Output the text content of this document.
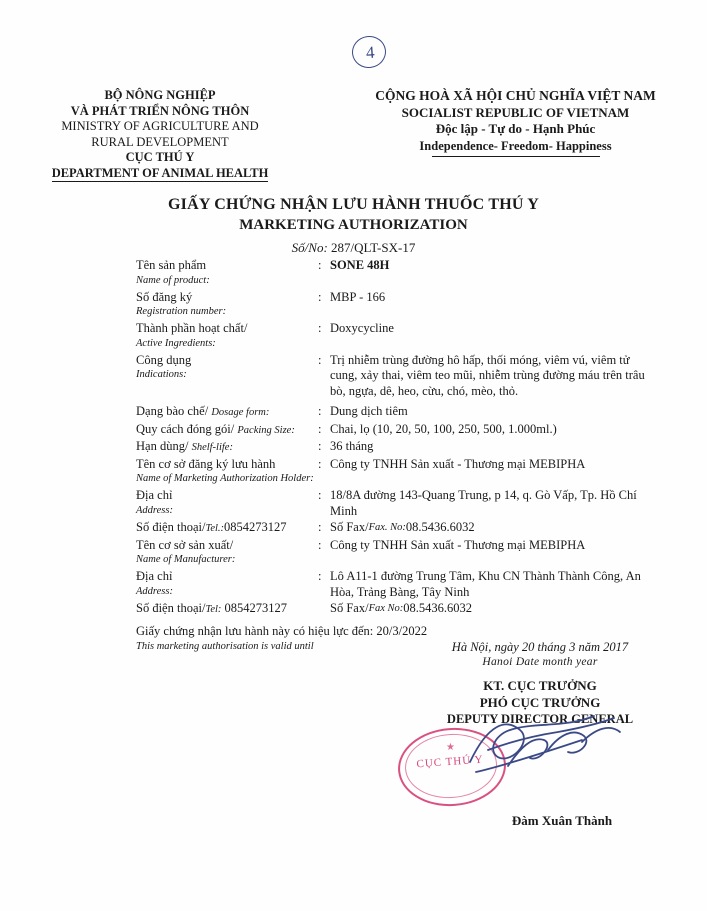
4
BỘ NÔNG NGHIỆP
VÀ PHÁT TRIỂN NÔNG THÔN
MINISTRY OF AGRICULTURE AND
RURAL DEVELOPMENT
CỤC THÚ Y
DEPARTMENT OF ANIMAL HEALTH
CỘNG HOÀ XÃ HỘI CHỦ NGHĨA VIỆT NAM
SOCIALIST REPUBLIC OF VIETNAM
Độc lập - Tự do - Hạnh Phúc
Independence- Freedom- Happiness
GIẤY CHỨNG NHẬN LƯU HÀNH THUỐC THÚ Y
MARKETING AUTHORIZATION
Số/No: 287/QLT-SX-17
Tên sản phẩm
Name of product:
: SONE 48H
Số đăng ký
Registration number:
: MBP - 166
Thành phần hoạt chất/
Active Ingredients:
: Doxycycline
Công dụng
Indications:
: Trị nhiễm trùng đường hô hấp, thối móng, viêm vú, viêm tử cung, xảy thai, viêm teo mũi, nhiễm trùng đường máu trên trâu bò, ngựa, dê, heo, cừu, chó, mèo, thỏ.
Dạng bào chế/ Dosage form:	: Dung dịch tiêm
Quy cách đóng gói/ Packing Size:	: Chai, lọ (10, 20, 50, 100, 250, 500, 1.000ml.)
Hạn dùng/ Shelf-life:	: 36 tháng
Tên cơ sở đăng ký lưu hành
Name of Marketing Authorization Holder:
: Công ty TNHH Sản xuất - Thương mại MEBIPHA
Địa chỉ
Address:
: 18/8A đường 143-Quang Trung, p 14, q. Gò Vấp, Tp. Hồ Chí Minh
Số điện thoại/Tel.:0854273127	: Số Fax/ Fax. No: 08.5436.6032
Tên cơ sở sản xuất/
Name of Manufacturer:
: Công ty TNHH Sản xuất - Thương mại MEBIPHA
Địa chỉ
Address:
: Lô A11-1 đường Trung Tâm, Khu CN Thành Thành Công, An Hòa, Trảng Bàng, Tây Ninh
Số điện thoại/Tel: 0854273127	Số Fax/ Fax No: 08.5436.6032
Giấy chứng nhận lưu hành này có hiệu lực đến: 20/3/2022
This marketing authorisation is valid until	Hà Nội, ngày 20 tháng 3 năm 2017
Hanoi Date month year
KT. CỤC TRƯỞNG
PHÓ CỤC TRƯỞNG
DEPUTY DIRECTOR GENERAL
Đàm Xuân Thành
★
CỤC THÚ Y
